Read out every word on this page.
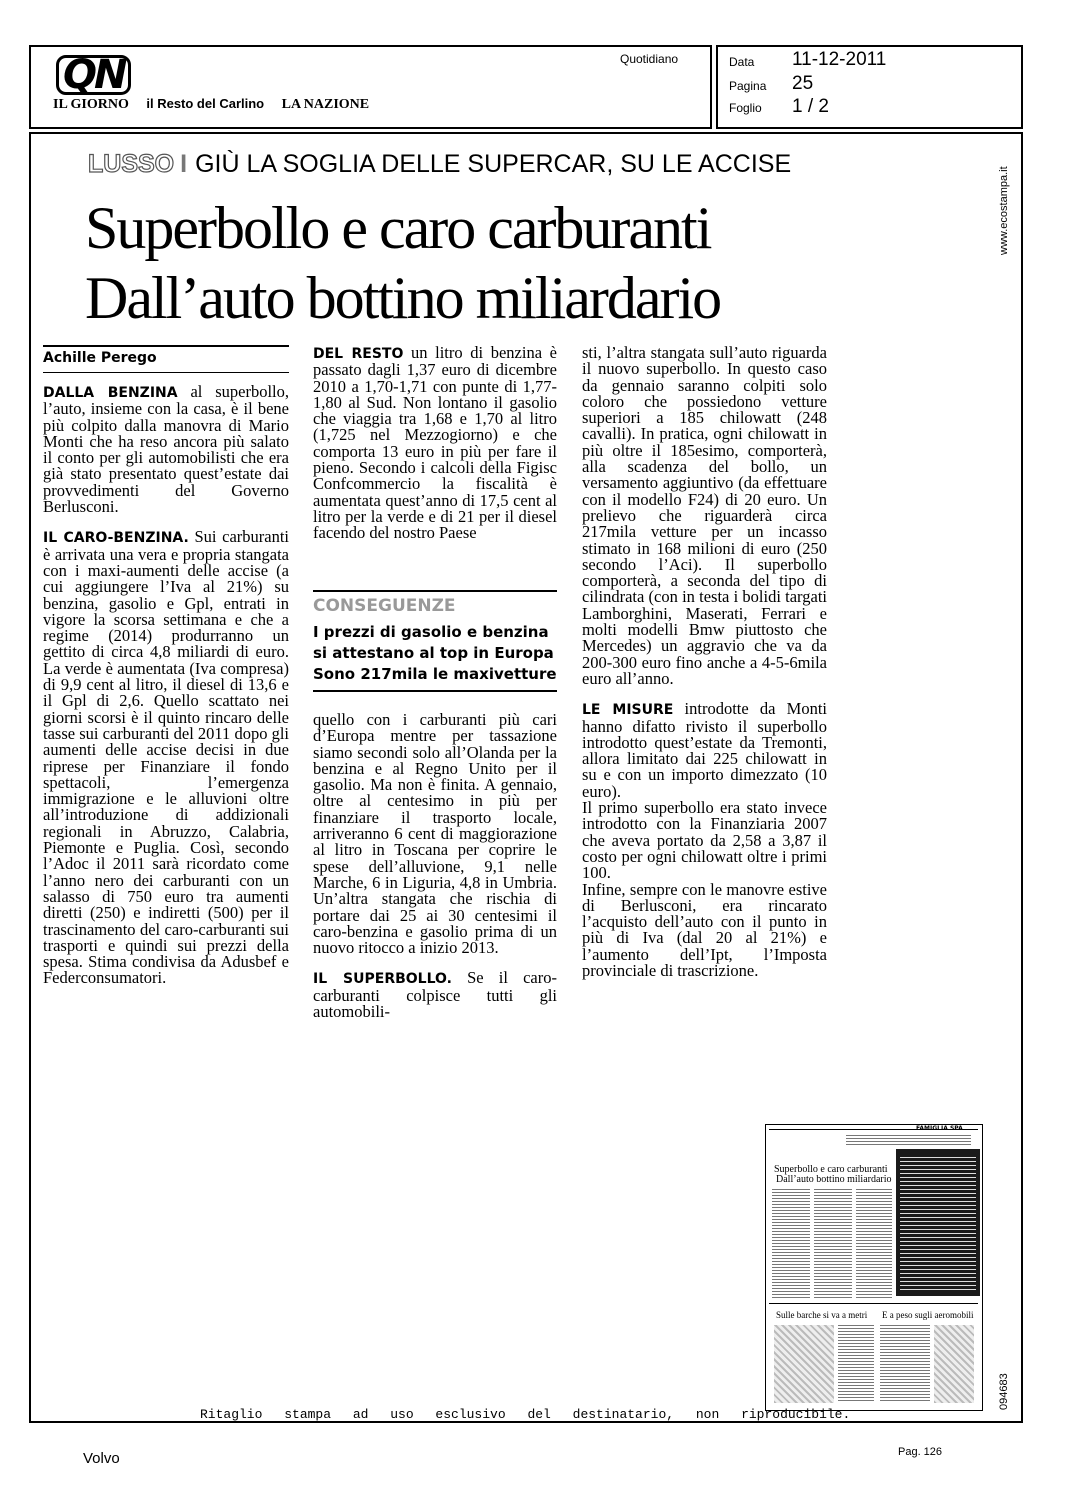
QN
IL GIORNO il Resto del Carlino LA NAZIONE
Quotidiano	Data 11-12-2011
Pagina 25
Foglio 1 / 2
LUSSO I GIÙ LA SOGLIA DELLE SUPERCAR, SU LE ACCISE
Superbollo e caro carburanti
Dall’auto bottino miliardario
Achille Perego

DALLA BENZINA al superbollo, l’auto, insieme con la casa, è il bene più colpito dalla manovra di Mario Monti che ha reso ancora più salato il conto per gli automobilisti che era già stato presentato quest’estate dai provvedimenti del Governo Berlusconi.

IL CARO-BENZINA. Sui carburanti è arrivata una vera e propria stangata con i maxi-aumenti delle accise (a cui aggiungere l’Iva al 21%) su benzina, gasolio e Gpl, entrati in vigore la scorsa settimana e che a regime (2014) produrranno un gettito di circa 4,8 miliardi di euro. La verde è aumentata (Iva compresa) di 9,9 cent al litro, il diesel di 13,6 e il Gpl di 2,6. Quello scattato nei giorni scorsi è il quinto rincaro delle tasse sui carburanti del 2011 dopo gli aumenti delle accise decisi in due riprese per Finanziare il fondo spettacoli, l’emergenza immigrazione e le alluvioni oltre all’introduzione di addizionali regionali in Abruzzo, Calabria, Piemonte e Puglia. Così, secondo l’Adoc il 2011 sarà ricordato come l’anno nero dei carburanti con un salasso di 750 euro tra aumenti diretti (250) e indiretti (500) per il trascinamento del caro-carburanti sui trasporti e quindi sui prezzi della spesa. Stima condivisa da Adusbef e Federconsumatori.

DEL RESTO un litro di benzina è passato dagli 1,37 euro di dicembre 2010 a 1,70-1,71 con punte di 1,77-1,80 al Sud. Non lontano il gasolio che viaggia tra 1,68 e 1,70 al litro (1,725 nel Mezzogiorno) e che comporta 13 euro in più per fare il pieno. Secondo i calcoli della Figisc Confcommercio la fiscalità è aumentata quest’anno di 17,5 cent al litro per la verde e di 21 per il diesel facendo del nostro Paese

CONSEGUENZE
I prezzi di gasolio e benzina si attestano al top in Europa Sono 217mila le maxivetture

quello con i carburanti più cari d’Europa mentre per tassazione siamo secondi solo all’Olanda per la benzina e al Regno Unito per il gasolio. Ma non è finita. A gennaio, oltre al centesimo in più per finanziare il trasporto locale, arriveranno 6 cent di maggiorazione al litro in Toscana per coprire le spese dell’alluvione, 9,1 nelle Marche, 6 in Liguria, 4,8 in Umbria. Un’altra stangata che rischia di portare dai 25 ai 30 centesimi il caro-benzina e gasolio prima di un nuovo ritocco a inizio 2013.

IL SUPERBOLLO. Se il caro-carburanti colpisce tutti gli automobili-

sti, l’altra stangata sull’auto riguarda il nuovo superbollo. In questo caso da gennaio saranno colpiti solo coloro che possiedono vetture superiori a 185 chilowatt (248 cavalli). In pratica, ogni chilowatt in più oltre il 185esimo, comporterà, alla scadenza del bollo, un versamento aggiuntivo (da effettuare con il modello F24) di 20 euro. Un prelievo che riguarderà circa 217mila vetture per un incasso stimato in 168 milioni di euro (250 secondo l’Aci). Il superbollo comporterà, a seconda del tipo di cilindrata (con in testa i bolidi targati Lamborghini, Maserati, Ferrari e molti modelli Bmw piuttosto che Mercedes) un aggravio che va da 200-300 euro fino anche a 4-5-6mila euro all’anno.

LE MISURE introdotte da Monti hanno difatto rivisto il superbollo introdotto quest’estate da Tremonti, allora limitato dai 225 chilowatt in su e con un importo dimezzato (10 euro).

Il primo superbollo era stato invece introdotto con la Finanziaria 2007 che aveva portato da 2,58 a 3,87 il costo per ogni chilowatt oltre i primi 100.

Infine, sempre con le manovre estive di Berlusconi, era rincarato l’acquisto dell’auto con il punto in più di Iva (dal 20 al 21%) e l’aumento dell’Ipt, l’Imposta provinciale di trascrizione.

FAMIGLIA SPA
Superbollo e caro carburanti
Dall’auto bottino miliardario
Sulle barche si va a metri E a peso sugli aeromobili
www.ecostampa.it
094683
Ritaglio stampa ad uso esclusivo del destinatario, non riproducibile.
Volvo	Pag. 126
